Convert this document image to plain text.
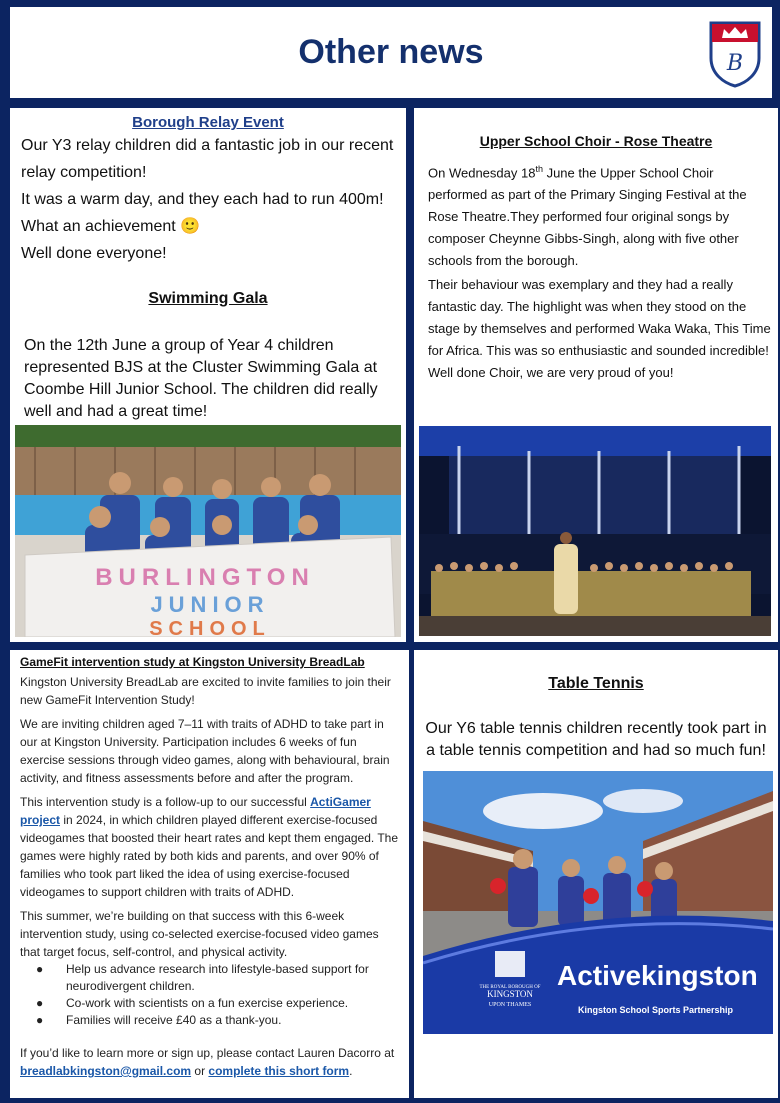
Other news	B
Borough Relay Event
Our Y3 relay children did a fantastic job in our recent relay competition!
It was a warm day, and they each had to run 400m! What an achievement 🙂
Well done everyone!
Swimming Gala
On the 12th June a group of Year 4 children represented BJS at the Cluster Swimming Gala at Coombe Hill Junior School. The children did really well and had a great time!
BURLINGTON
JUNIOR
SCHOOL
Upper School Choir - Rose Theatre
On Wednesday 18th June the Upper School Choir performed as part of the Primary Singing Festival at the Rose Theatre.They performed four original songs by composer Cheynne Gibbs-Singh, along with five other schools from the borough.
Their behaviour was exemplary and they had a really fantastic day. The highlight was when they stood on the stage by themselves and performed Waka Waka, This Time for Africa. This was so enthusiastic and sounded incredible! Well done Choir, we are very proud of you!
GameFit intervention study at Kingston University BreadLab
Kingston University BreadLab are excited to invite families to join their new GameFit Intervention Study!
We are inviting children aged 7–11 with traits of ADHD to take part in our at Kingston University. Participation includes 6 weeks of fun exercise sessions through video games, along with behavioural, brain activity, and fitness assessments before and after the program.
This intervention study is a follow-up to our successful ActiGamer project in 2024, in which children played different exercise-focused videogames that boosted their heart rates and kept them engaged. The games were highly rated by both kids and parents, and over 90% of families who took part liked the idea of using exercise-focused videogames to support children with traits of ADHD.
This summer, we’re building on that success with this 6-week intervention study, using co-selected exercise-focused video games that target focus, self-control, and physical activity.
● Help us advance research into lifestyle-based support for neurodivergent children.
● Co-work with scientists on a fun exercise experience.
● Families will receive £40 as a thank-you.
If you’d like to learn more or sign up, please contact Lauren Dacorro at
breadlabkingston@gmail.com or complete this short form.
Table Tennis
Our Y6 table tennis children recently took part in a table tennis competition and had so much fun!
THE ROYAL BOROUGH OF
KINGSTON
UPON THAMES
Activekingston
Kingston School Sports Partnership
